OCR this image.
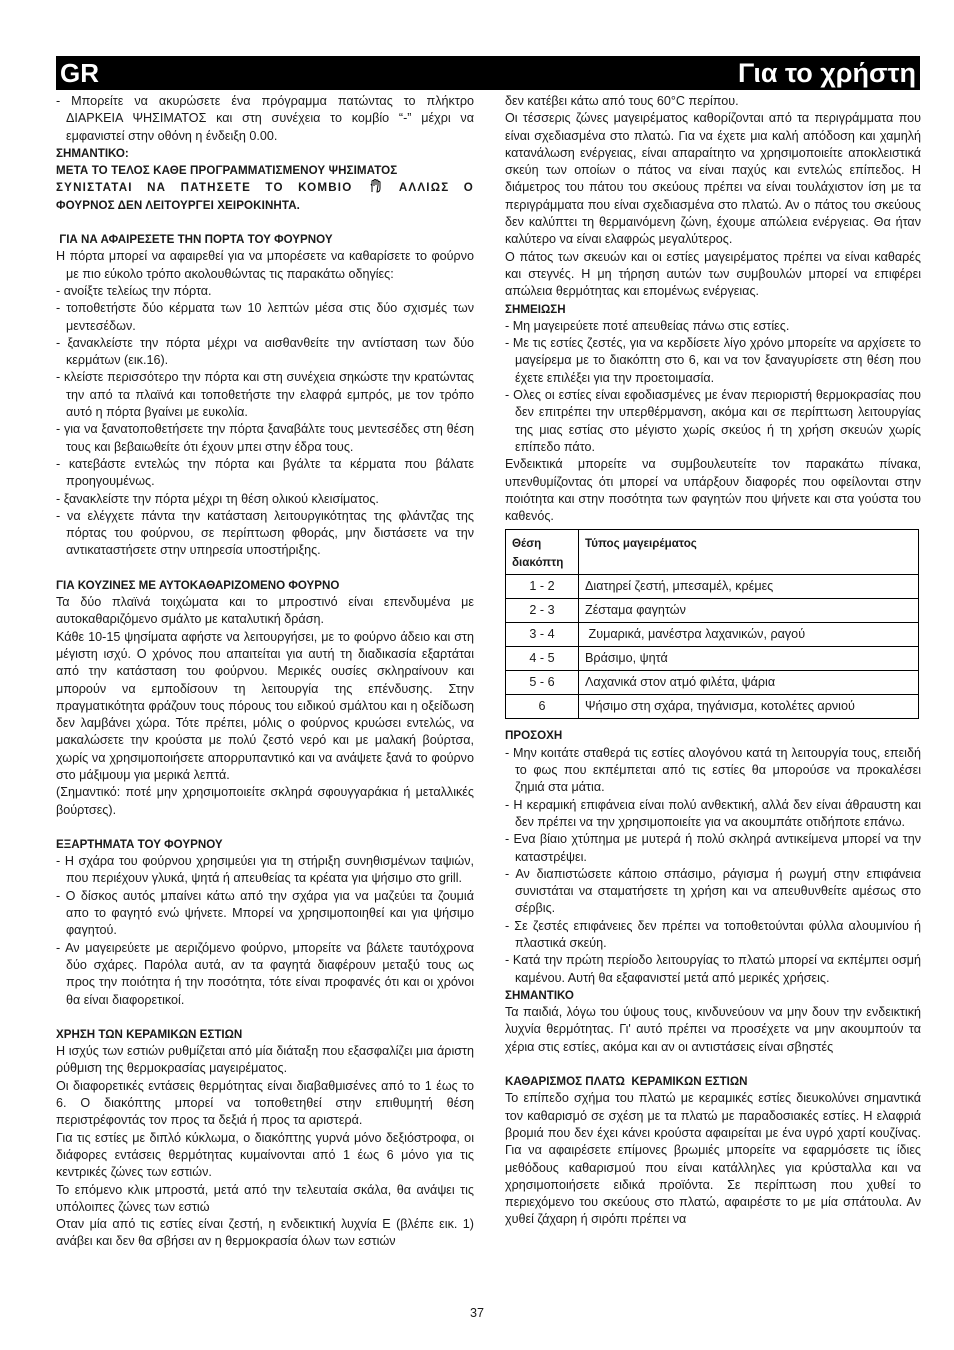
GR	Για το χρήστη

- Μπορείτε να ακυρώσετε ένα πρόγραμμα πατώντας το πλήκτρο ΔΙΑΡΚΕΙΑ ΨΗΣΙΜΑΤΟΣ και στη συνέχεια το κομβίο “-” μέχρι να εμφανιστεί στην οθόνη η ένδειξη 0.00.

ΣΗΜΑΝΤΙΚΟ:

ΜΕΤΑ ΤΟ ΤΕΛΟΣ ΚΑΘΕ ΠΡΟΓΡΑΜΜΑΤΙΣΜΕΝΟΥ ΨΗΣΙΜΑΤΟΣ

ΣΥΝΙΣΤΑΤΑΙ ΝΑ ΠΑΤΗΣΕΤΕ ΤΟ ΚΟΜΒΙΟ	ΑΛΛΙΩΣ Ο

ΦΟΥΡΝΟΣ ΔΕΝ ΛΕΙΤΟΥΡΓΕΙ ΧΕΙΡΟΚΙΝΗΤΑ.

ΓΙΑ ΝΑ ΑΦΑΙΡΕΣΕΤΕ ΤΗΝ ΠΟΡΤΑ ΤΟΥ ΦΟΥΡΝΟΥ

Η πόρτα μπορεί να αφαιρεθεί για να μπορέσετε να καθαρίσετε το φούρνο με πιο εύκολο τρόπο ακολουθώντας τις παρακάτω οδηγίες:

- ανοίξτε τελείως την πόρτα.

- τοποθετήστε δύο κέρματα των 10 λεπτών μέσα στις δύο σχισμές των μεντεσέδων.

- ξανακλείστε την πόρτα μέχρι να αισθανθείτε την αντίσταση των δύο κερμάτων (εικ.16).

- κλείστε περισσότερο την πόρτα και στη συνέχεια σηκώστε την κρατώντας την από τα πλαϊνά και τοποθετήστε την ελαφρά εμπρός, με τον τρόπο αυτό η πόρτα βγαίνει με ευκολία.

- για να ξανατοποθετήσετε την πόρτα ξαναβάλτε τους μεντεσέδες στη θέση τους και βεβαιωθείτε ότι έχουν μπει στην έδρα τους.

- κατεβάστε εντελώς την πόρτα και βγάλτε τα κέρματα που βάλατε προηγουμένως.

- ξανακλείστε την πόρτα μέχρι τη θέση ολικού κλεισίματος.

- να ελέγχετε πάντα την κατάσταση λειτουργικότητας της φλάντζας της πόρτας του φούρνου, σε περίπτωση φθοράς, μην διστάσετε να την αντικαταστήσετε στην υπηρεσία υποστήριξης.

ΓΙΑ ΚΟΥΖΙΝΕΣ ΜΕ ΑΥΤΟΚΑΘΑΡΙΖΟΜΕΝΟ ΦΟΥΡΝΟ

Τα δύο πλαϊνά τοιχώματα και το μπροστινό είναι επενδυμένα με αυτοκαθαριζόμενο σμάλτο με καταλυτική δράση.

Κάθε 10-15 ψησίματα αφήστε να λειτουργήσει, με το φούρνο άδειο και στη μέγιστη ισχύ. Ο χρόνος που απαιτείται για αυτή τη διαδικασία εξαρτάται από την κατάσταση του φούρνου. Μερικές ουσίες σκληραίνουν και μπορούν να εμποδίσουν τη λειτουργία της επένδυσης. Στην πραγματικότητα φράζουν τους πόρους του ειδικού σμάλτου και η οξείδωση δεν λαμβάνει χώρα. Τότε πρέπει, μόλις ο φούρνος κρυώσει εντελώς, να μακαλώσετε την κρούστα με πολύ ζεστό νερό και με μαλακή βούρτσα, χωρίς να χρησιμοποιήσετε απορρυπαντικό και να ανάψετε ξανά το φούρνο στο μάξιμουμ για μερικά λεπτά.

(Σημαντικό: ποτέ μην χρησιμοποιείτε σκληρά σφουγγαράκια ή μεταλλικές βούρτσες).

ΕΞΑΡΤΗΜΑΤΑ ΤΟΥ ΦΟΥΡΝΟΥ

- Η σχάρα του φούρνου χρησιμεύει για τη στήριξη συνηθισμένων ταψιών, που περιέχουν γλυκά, ψητά ή απευθείας τα κρέατα για ψήσιμο στο grill.

- Ο δίσκος αυτός μπαίνει κάτω από την σχάρα για να μαζεύει τα ζουμιά απο το φαγητό ενώ ψήνετε. Μπορεί να χρησιμοποιηθεί και για ψήσιμο φαγητού.

- Αν μαγειρεύετε με αεριζόμενο φούρνο, μπορείτε να βάλετε ταυτόχρονα δύο σχάρες. Παρόλα αυτά, αν τα φαγητά διαφέρουν μεταξύ τους ως προς την ποιότητα ή την ποσότητα, τότε είναι προφανές ότι και οι χρόνοι θα είναι διαφορετικοί.

ΧΡΗΣΗ ΤΩΝ ΚΕΡΑΜΙΚΩΝ ΕΣΤΙΩΝ

Η ισχύς των εστιών ρυθμίζεται από μία διάταξη που εξασφαλίζει μια άριστη ρύθμιση της θερμοκρασίας μαγειρέματος.

Οι διαφορετικές εντάσεις θερμότητας είναι διαβαθμισένες από το 1 έως το 6. Ο διακόπτης μπορεί να τοποθετηθεί στην επιθυμητή θέση περιστρέφοντάς τον προς τα δεξιά ή προς τα αριστερά.

Για τις εστίες με διπλό κύκλωμα, ο διακόπτης γυρνά μόνο δεξιόστροφα, οι διάφορες εντάσεις θερμότητας κυμαίνονται από 1 έως 6 μόνο για τις κεντρικές ζώνες των εστιών.

Το επόμενο κλικ μπροστά, μετά από την τελευταία σκάλα, θα ανάψει τις υπόλοιπες ζώνες των εστιώ

Οταν μία από τις εστίες είναι ζεστή, η ενδεικτική λυχνία Ε (βλέπε εικ. 1) ανάβει και δεν θα σβήσει αν η θερμοκρασία όλων των εστιών

δεν κατέβει κάτω από τους 60°C περίπου.

Οι τέσσερις ζώνες μαγειρέματος καθορίζονται από τα περιγράμματα που είναι σχεδιασμένα στο πλατώ. Για να έχετε μια καλή απόδοση και χαμηλή κατανάλωση ενέργειας, είναι απαραίτητο να χρησιμοποιείτε αποκλειστικά σκεύη των οποίων ο πάτος να είναι παχύς και εντελώς επίπεδος. Η διάμετρος του πάτου του σκεύους πρέπει να είναι τουλάχιστον ίση με τα περιγράμματα που είναι σχεδιασμένα στο πλατώ. Αν ο πάτος του σκεύους δεν καλύπτει τη θερμαινόμενη ζώνη, έχουμε απώλεια ενέργειας. Θα ήταν καλύτερο να είναι ελαφρώς μεγαλύτερος.

Ο πάτος των σκευών και οι εστίες μαγειρέματος πρέπει να είναι καθαρές και στεγνές. Η μη τήρηση αυτών των συμβουλών μπορεί να επιφέρει απώλεια θερμότητας και επομένως ενέργειας.

ΣΗΜΕΙΩΣΗ

- Μη μαγειρεύετε ποτέ απευθείας πάνω στις εστίες.

- Με τις εστίες ζεστές, για να κερδίσετε λίγο χρόνο μπορείτε να αρχίσετε το μαγείρεμα με το διακόπτη στο 6, και να τον ξαναγυρίσετε στη θέση που έχετε επιλέξει για την προετοιμασία.

- Ολες οι εστίες είναι εφοδιασμένες με έναν περιοριστή θερμοκρασίας που δεν επιτρέπει την υπερθέρμανση, ακόμα και σε περίπτωση λειτουργίας της μιας εστίας στο μέγιστο χωρίς σκεύος ή τη χρήση σκευών χωρίς επίπεδο πάτο.

Ενδεικτικά μπορείτε να συμβουλευτείτε τον παρακάτω πίνακα, υπενθυμίζοντας ότι μπορεί να υπάρξουν διαφορές που οφείλονται στην ποιότητα και στην ποσότητα των φαγητών που ψήνετε και στα γούστα του καθενός.

Θέση διακόπτη	Τύπος μαγειρέματος
1 - 2	Διατηρεί ζεστή, μπεσαμέλ, κρέμες
2 - 3	Ζέσταμα φαγητών
3 - 4	Ζυμαρικά, μανέστρα λαχανικών, ραγού
4 - 5	Βράσιμο, ψητά
5 - 6	Λαχανικά στον ατμό φιλέτα, ψάρια
6	Ψήσιμο στη σχάρα, τηγάνισμα, κοτολέτες αρνιού

ΠΡΟΣΟΧΗ

- Μην κοιτάτε σταθερά τις εστίες αλογόνου κατά τη λειτουργία τους, επειδή το φως που εκπέμπεται από τις εστίες θα μπορούσε να προκαλέσει ζημιά στα μάτια.

- Η κεραμική επιφάνεια είναι πολύ ανθεκτική, αλλά δεν είναι άθραυστη και δεν πρέπει να την χρησιμοποιείτε για να ακουμπάτε οτιδήποτε επάνω.

- Ενα βίαιο χτύπημα με μυτερά ή πολύ σκληρά αντικείμενα μπορεί να την καταστρέψει.

- Αν διαπιστώσετε κάποιο σπάσιμο, ράγισμα ή ρωγμή στην επιφάνεια συνιστάται να σταματήσετε τη χρήση και να απευθυνθείτε αμέσως στο σέρβις.

- Σε ζεστές επιφάνειες δεν πρέπει να τοποθετούνται φύλλα αλουμινίου ή πλαστικά σκεύη.

- Κατά την πρώτη περίοδο λειτουργίας το πλατώ μπορεί να εκπέμπει οσμή καμένου. Αυτή θα εξαφανιστεί μετά από μερικές χρήσεις.

ΣΗΜΑΝΤΙΚΟ

Τα παιδιά, λόγω του ύψους τους, κινδυνεύουν να μην δουν την ενδεικτική λυχνία θερμότητας. Γι' αυτό πρέπει να προσέχετε να μην ακουμπούν τα χέρια στις εστίες, ακόμα και αν οι αντιστάσεις είναι σβηστές

ΚΑΘΑΡΙΣΜΟΣ ΠΛΑΤΩ  ΚΕΡΑΜΙΚΩΝ ΕΣΤΙΩΝ

Το επίπεδο σχήμα του πλατώ με κεραμικές εστίες διευκολύνει σημαντικά τον καθαρισμό σε σχέση με τα πλατώ με παραδοσιακές εστίες. Η ελαφριά βρομιά που δεν έχει κάνει κρούστα αφαιρείται με ένα υγρό χαρτί κουζίνας. Για να αφαιρέσετε επίμονες βρωμιές μπορείτε να εφαρμόσετε τις ίδιες μεθόδους καθαρισμού που είναι κατάλληλες για κρύσταλλα και να χρησιμοποιήσετε ειδικά προϊόντα. Σε περίπτωση που χυθεί το περιεχόμενο του σκεύους στο πλατώ, αφαιρέστε το με μία σπάτουλα. Αν χυθεί ζάχαρη ή σιρόπι πρέπει να

37
